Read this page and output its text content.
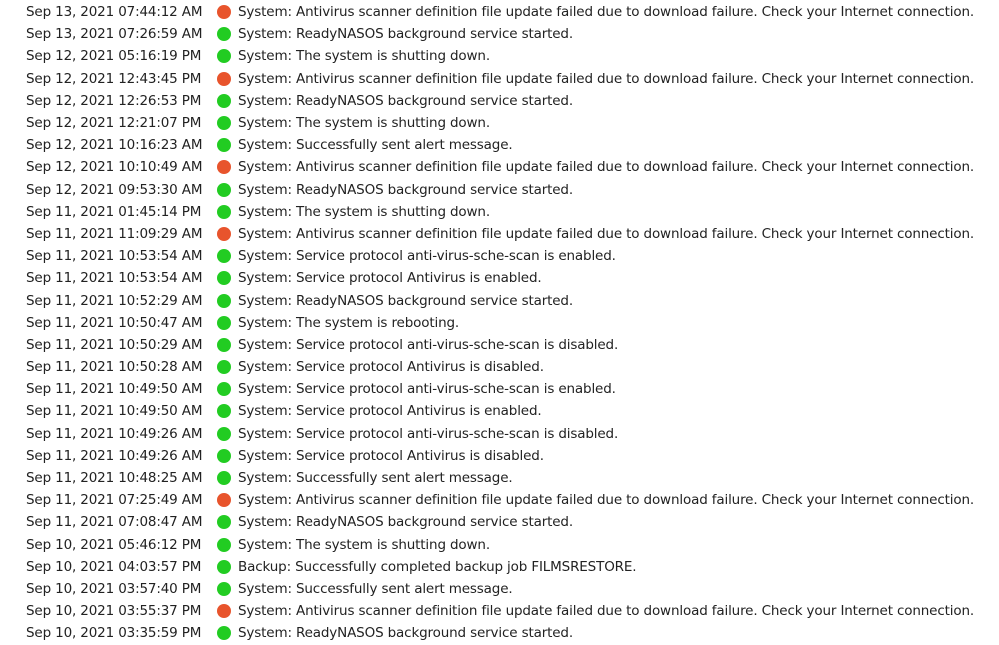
Sep 13, 2021 07:44:12 AM	System: Antivirus scanner definition file update failed due to download failure. Check your Internet connection.
Sep 13, 2021 07:26:59 AM	System: ReadyNASOS background service started.
Sep 12, 2021 05:16:19 PM	System: The system is shutting down.
Sep 12, 2021 12:43:45 PM	System: Antivirus scanner definition file update failed due to download failure. Check your Internet connection.
Sep 12, 2021 12:26:53 PM	System: ReadyNASOS background service started.
Sep 12, 2021 12:21:07 PM	System: The system is shutting down.
Sep 12, 2021 10:16:23 AM	System: Successfully sent alert message.
Sep 12, 2021 10:10:49 AM	System: Antivirus scanner definition file update failed due to download failure. Check your Internet connection.
Sep 12, 2021 09:53:30 AM	System: ReadyNASOS background service started.
Sep 11, 2021 01:45:14 PM	System: The system is shutting down.
Sep 11, 2021 11:09:29 AM	System: Antivirus scanner definition file update failed due to download failure. Check your Internet connection.
Sep 11, 2021 10:53:54 AM	System: Service protocol anti-virus-sche-scan is enabled.
Sep 11, 2021 10:53:54 AM	System: Service protocol Antivirus is enabled.
Sep 11, 2021 10:52:29 AM	System: ReadyNASOS background service started.
Sep 11, 2021 10:50:47 AM	System: The system is rebooting.
Sep 11, 2021 10:50:29 AM	System: Service protocol anti-virus-sche-scan is disabled.
Sep 11, 2021 10:50:28 AM	System: Service protocol Antivirus is disabled.
Sep 11, 2021 10:49:50 AM	System: Service protocol anti-virus-sche-scan is enabled.
Sep 11, 2021 10:49:50 AM	System: Service protocol Antivirus is enabled.
Sep 11, 2021 10:49:26 AM	System: Service protocol anti-virus-sche-scan is disabled.
Sep 11, 2021 10:49:26 AM	System: Service protocol Antivirus is disabled.
Sep 11, 2021 10:48:25 AM	System: Successfully sent alert message.
Sep 11, 2021 07:25:49 AM	System: Antivirus scanner definition file update failed due to download failure. Check your Internet connection.
Sep 11, 2021 07:08:47 AM	System: ReadyNASOS background service started.
Sep 10, 2021 05:46:12 PM	System: The system is shutting down.
Sep 10, 2021 04:03:57 PM	Backup: Successfully completed backup job FILMSRESTORE.
Sep 10, 2021 03:57:40 PM	System: Successfully sent alert message.
Sep 10, 2021 03:55:37 PM	System: Antivirus scanner definition file update failed due to download failure. Check your Internet connection.
Sep 10, 2021 03:35:59 PM	System: ReadyNASOS background service started.
